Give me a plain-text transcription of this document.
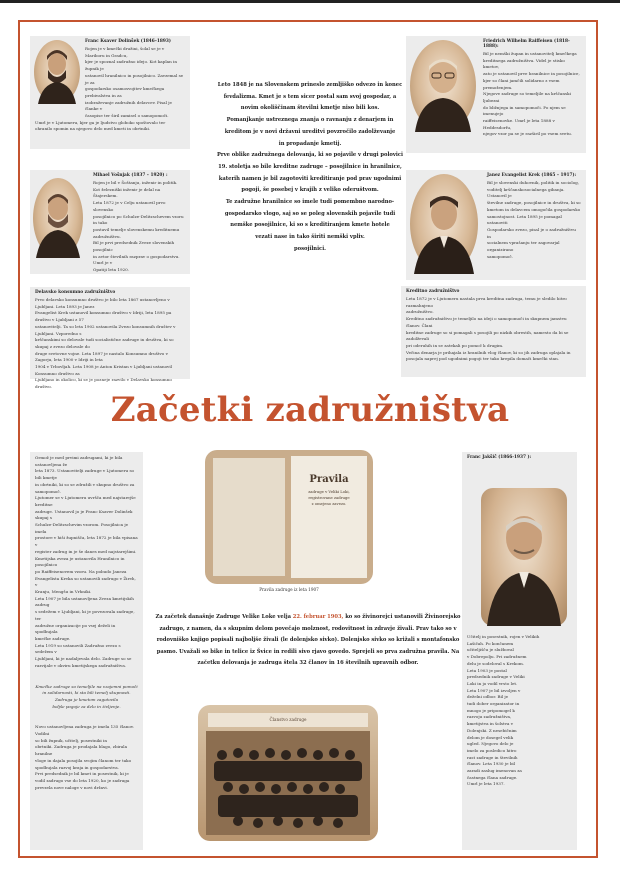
Franc Ksaver Dolinšek (1846–1893)

Rojen je v kmečki družini, šolal se je v Mariboru in Gradcu,

kjer je spoznal zadružno idejo. Kot kaplan in župnik je

ustanovil hranilnico in posojilnico. Zavzemal se je za

gospodarsko osamosvojitev kmečkega prebivalstva in za

izobraževanje zadružnih delavcev. Pisal je članke v

časopise ter širil zamisel o samopomoči.

Umrl je v Ljutomeru, kjer ga je ljudstvo globoko spoštovalo ter

ohranilo spomin na njegovo delo med kmeti in obrtniki.

Mihael Vošnjak (1837 – 1920) :

Rojen je bil v Šoštanju, inženir in politik.

Kot železniški inženir je delal na Štajerskem.

Leta 1872 je v Celju ustanovil prvo slovensko

posojilnico po Schulze-Delitzschevem vzoru in tako

postavil temelje slovenskemu kreditnemu zadružništvu.

Bil je prvi predsednik Zveze slovenskih posojilnic

in avtor številnih razprav o gospodarstvu. Umrl je v

Opatiji leta 1920.

Delavsko konsumno zadružništvo

Prvo delavsko konsumno društvo je bilo leta 1867 ustanovljeno v Ljubljani. Leta 1893 je Janez

Evangelist Krek ustanovil konsumno društvo v Idriji, leta 1895 pa društvo v Ljubljani z 57

ustanovitelji. Ta so leta 1902 ustanovila Zvezo konsumnih društev v Ljubljani. Vzporedno s

krščanskimi so delovale tudi socialistične zadruge in društva, ki so skupaj z zvezo delovale do

druge svetovne vojne. Leta 1897 je nastalo Konsumno društvo v Zagorju, leta 1900 v Idriji in leta

1904 v Trbovljah. Leta 1908 je Anton Kristan v Ljubljani ustanovil Konsumno društvo za

Ljubljano in okolico, ki se je pozneje razvilo v Delavsko konsumno društvo.

Leto 1848 je na Slovenskem prineslo zemljiško odvezo in konec

fevdalizma. Kmet je s tem sicer postal sam svoj gospodar, a

novim okoliščinam številni kmetje niso bili kos.

Pomanjkanje ustreznega znanja o ravnanju z denarjem in

kreditom je v novi državni ureditvi povzročilo zadolževanje

in propadanje kmetij.

Prve oblike zadružnega delovanja, ki so pojavile v drugi polovici

19. stoletja so bile kreditne zadruge – posojilnice in hranilnice,

katerih namen je bil zagotoviti kreditiranje pod prav ugodnimi

pogoji, še posebej v krajih z veliko oderuštvom.

Te zadružne hranilnice so imele tudi pomembno narodno-

gospodarsko vlogo, saj so se poleg slovenskih pojavile tudi

nemške posojilnice, ki so s kreditiranjem kmete hotele

vezati nase in tako širiti nemški vpliv.

posojilnici.

Friedrich Wilhelm Raiffeisen (1818-1888):

Bil je nemški župan in ustanovitelj kmečkega

kreditnega zadružništva. Videl je stisko kmetov,

zato je ustanovil prve hranilnice in posojilnice,

kjer so člani jamčili solidarno z vsem premoženjem.

Njegove zadruge so temeljile na krščanski ljubezni

do bližnjega in samopomoči. Po njem se imenujejo

raiffeisenovke. Umrl je leta 1888 v Heddesdorfu,

njegov vzor pa se je razširil po vsem svetu.

Janez Evangelist Krek (1865 – 1917):

Bil je slovenski duhovnik, politik in sociolog,

voditelj krščanskosocialnega gibanja. Ustanovil je

številne zadruge, posojilnice in društva, ki so

kmetom in delavcem omogočila gospodarsko

samostojnost. Leta 1895 je pomagal ustanoviti

Gospodarsko zvezo, pisal je o zadružništvu in

socialnem vprašanju ter zagovarjal organizirano

samopomoč.

Kreditno zadružništvo

Leta 1872 je v Ljutomeru nastala prva kreditna zadruga, temu je sledilo hitro razmahnjeno

zadružništvo.

Kreditno zadružništvo je temeljilo na ideji o samopomoči in skupnem jamstvu članov. Člani

kreditne zadruge so si pomagali s posojili po nizkih obrestih, namesto da bi se zadolževali

pri oderuhih in se zatekali po pomoč k drugim.

Večina denarja je prihajala iz hranilnih vlog članov, ki so jih zadruga oplajala in

posojala naprej pod ugodnimi pogoji ter tako krepila domači kmečki stan.

Začetki zadružništva

Ormož je med prvimi zadrugami, ki je bila ustanovljena že

leta 1873. Ustanovitelji zadruge v Ljutomeru so bili kmetje

in obrtniki, ki so se združili v skupno društvo za

samopomoč.

Ljutomer se v Ljutomeru uvršča med najstarejše kreditne

zadruge. Ustanovil jo je Franc Ksaver Dolinšek skupaj s

Schulze-Delitzschevim vzorom. Posojilnica je imela

prostore v hiši župnišča, leta 1872 je bila vpisana v

register zadrug in je še danes med najstarejšimi.

Kmetijska zveza je ustanovila Hranilnico in posojilnico

po Raiffeisenovem vzoru. Na pobudo Janeza

Evangelista Kreka so ustanovili zadrugo v Žireh, v

Kranju, Mengšu in Vrhniki.

Leta 1907 je bila ustanovljena Zveza kmetijskih zadrug

s sedežem v Ljubljani, ki je povezovala zadruge, ter

zadružne organizacije po vsej deželi in spodbujala

kmečke zadruge.

Leta 1919 so ustanovili Zadružno zvezo s sedežem v

Ljubljani, ki je nadaljevala delo. Zadruge so se

razvijale v okviru kmetijskega zadružništva.

Kmečke zadruge so temeljile na vzajemni pomoči

in solidarnosti, ki sta bili temelj skupnosti.

Zadruga je kmetom zagotovila

boljše pogoje za delo in življenje.

Novo ustanovljena zadruga je imela 135 članov. Vodilni

so bili župnik, učitelj, posestniki in

obrtniki. Zadruga je prodajala blago, zbirala hranilne

vloge in dajala posojila svojim članom ter tako

spodbujala razvoj kraja in gospodarstva.

Prvi predsednik je bil kmet in posestnik, ki je

vodil zadrugo vse do leta 1920, ko je zadruga

prevzela nove naloge v novi državi.

Pravila

zadruge v Veliki Loki,

registrovane zadruge

z omejeno zavezo.

Pravila zadruge iz leta 1907

Za začetek današnje Zadruge Velike Loke velja 22. februar 1903, ko so živinorejci ustanovili Živinorejsko zadrugo, z namen, da s skupnim delom povečajo molznost, rodovitnost in zdravje živali. Prav tako so v rodovniško knjigo popisali najboljše živali (le dolenjsko sivko). Dolenjsko sivko so križali s montafonsko pasmo. Uvažali so bike in telice iz Švice in redili sivo rjavo govedo. Sprejeli so prva zadružna pravila. Na začetku delovanja je zadruga štela 32 članov in 16 številnih upravnih odbor.
Članstvo zadruge

Franc Jakšič (1866-1937 ):

Učitelj in posestnik, rojen v Velikih

Lašičah. Po končanem

učiteljišču je služboval

v Dobrepolju. Pri zadružnem

delu je sodeloval s Krekom.

Leta 1903 je postal

predsednik zadruge v Veliki

Loki in jo vodil vrsto let.

Leta 1907 je bil izvoljen v

deželni odbor. Bil je

tudi dober organizator in

mnogo je pripomogel k

razvoju zadružništva,

kmetijstva in šolstva v

Dolenjski. Z nesebičnim

delom je dosegel velik

ugled. Njegovo delo je

imelo za posledico hitro

rast zadruge in številnih

članov. Leta 1930 je bil

zaradi zaslug imenovan za

častnega člana zadruge.

Umrl je leta 1937.
